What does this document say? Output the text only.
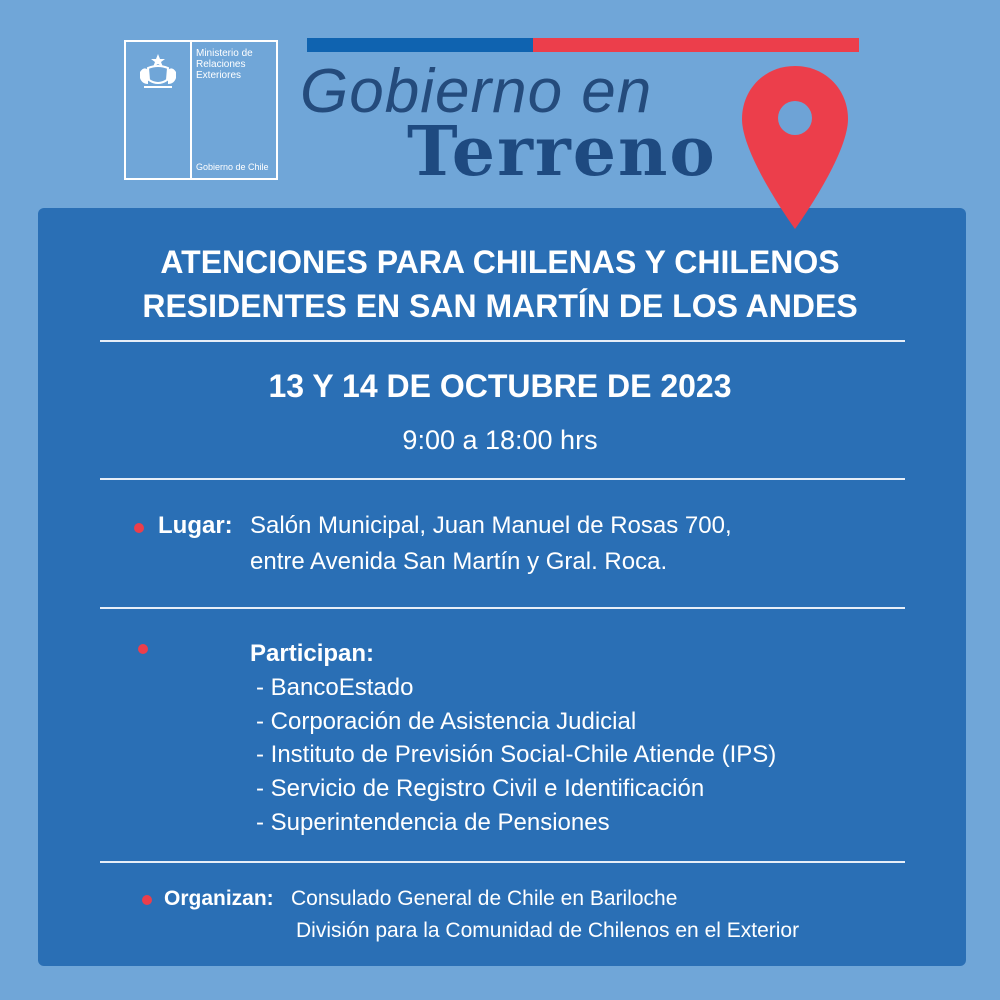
Ministerio de
Relaciones
Exteriores
Gobierno de Chile
Gobierno en
Terreno
ATENCIONES PARA CHILENAS Y CHILENOS
RESIDENTES EN SAN MARTÍN DE LOS ANDES
13 Y 14 DE OCTUBRE DE 2023
9:00 a 18:00 hrs
Lugar: Salón Municipal, Juan Manuel de Rosas 700,
entre Avenida San Martín y Gral. Roca.
Participan:
- BancoEstado
- Corporación de Asistencia Judicial
- Instituto de Previsión Social-Chile Atiende (IPS)
- Servicio de Registro Civil e Identificación
- Superintendencia de Pensiones
Organizan: Consulado General de Chile en Bariloche
División para la Comunidad de Chilenos en el Exterior
